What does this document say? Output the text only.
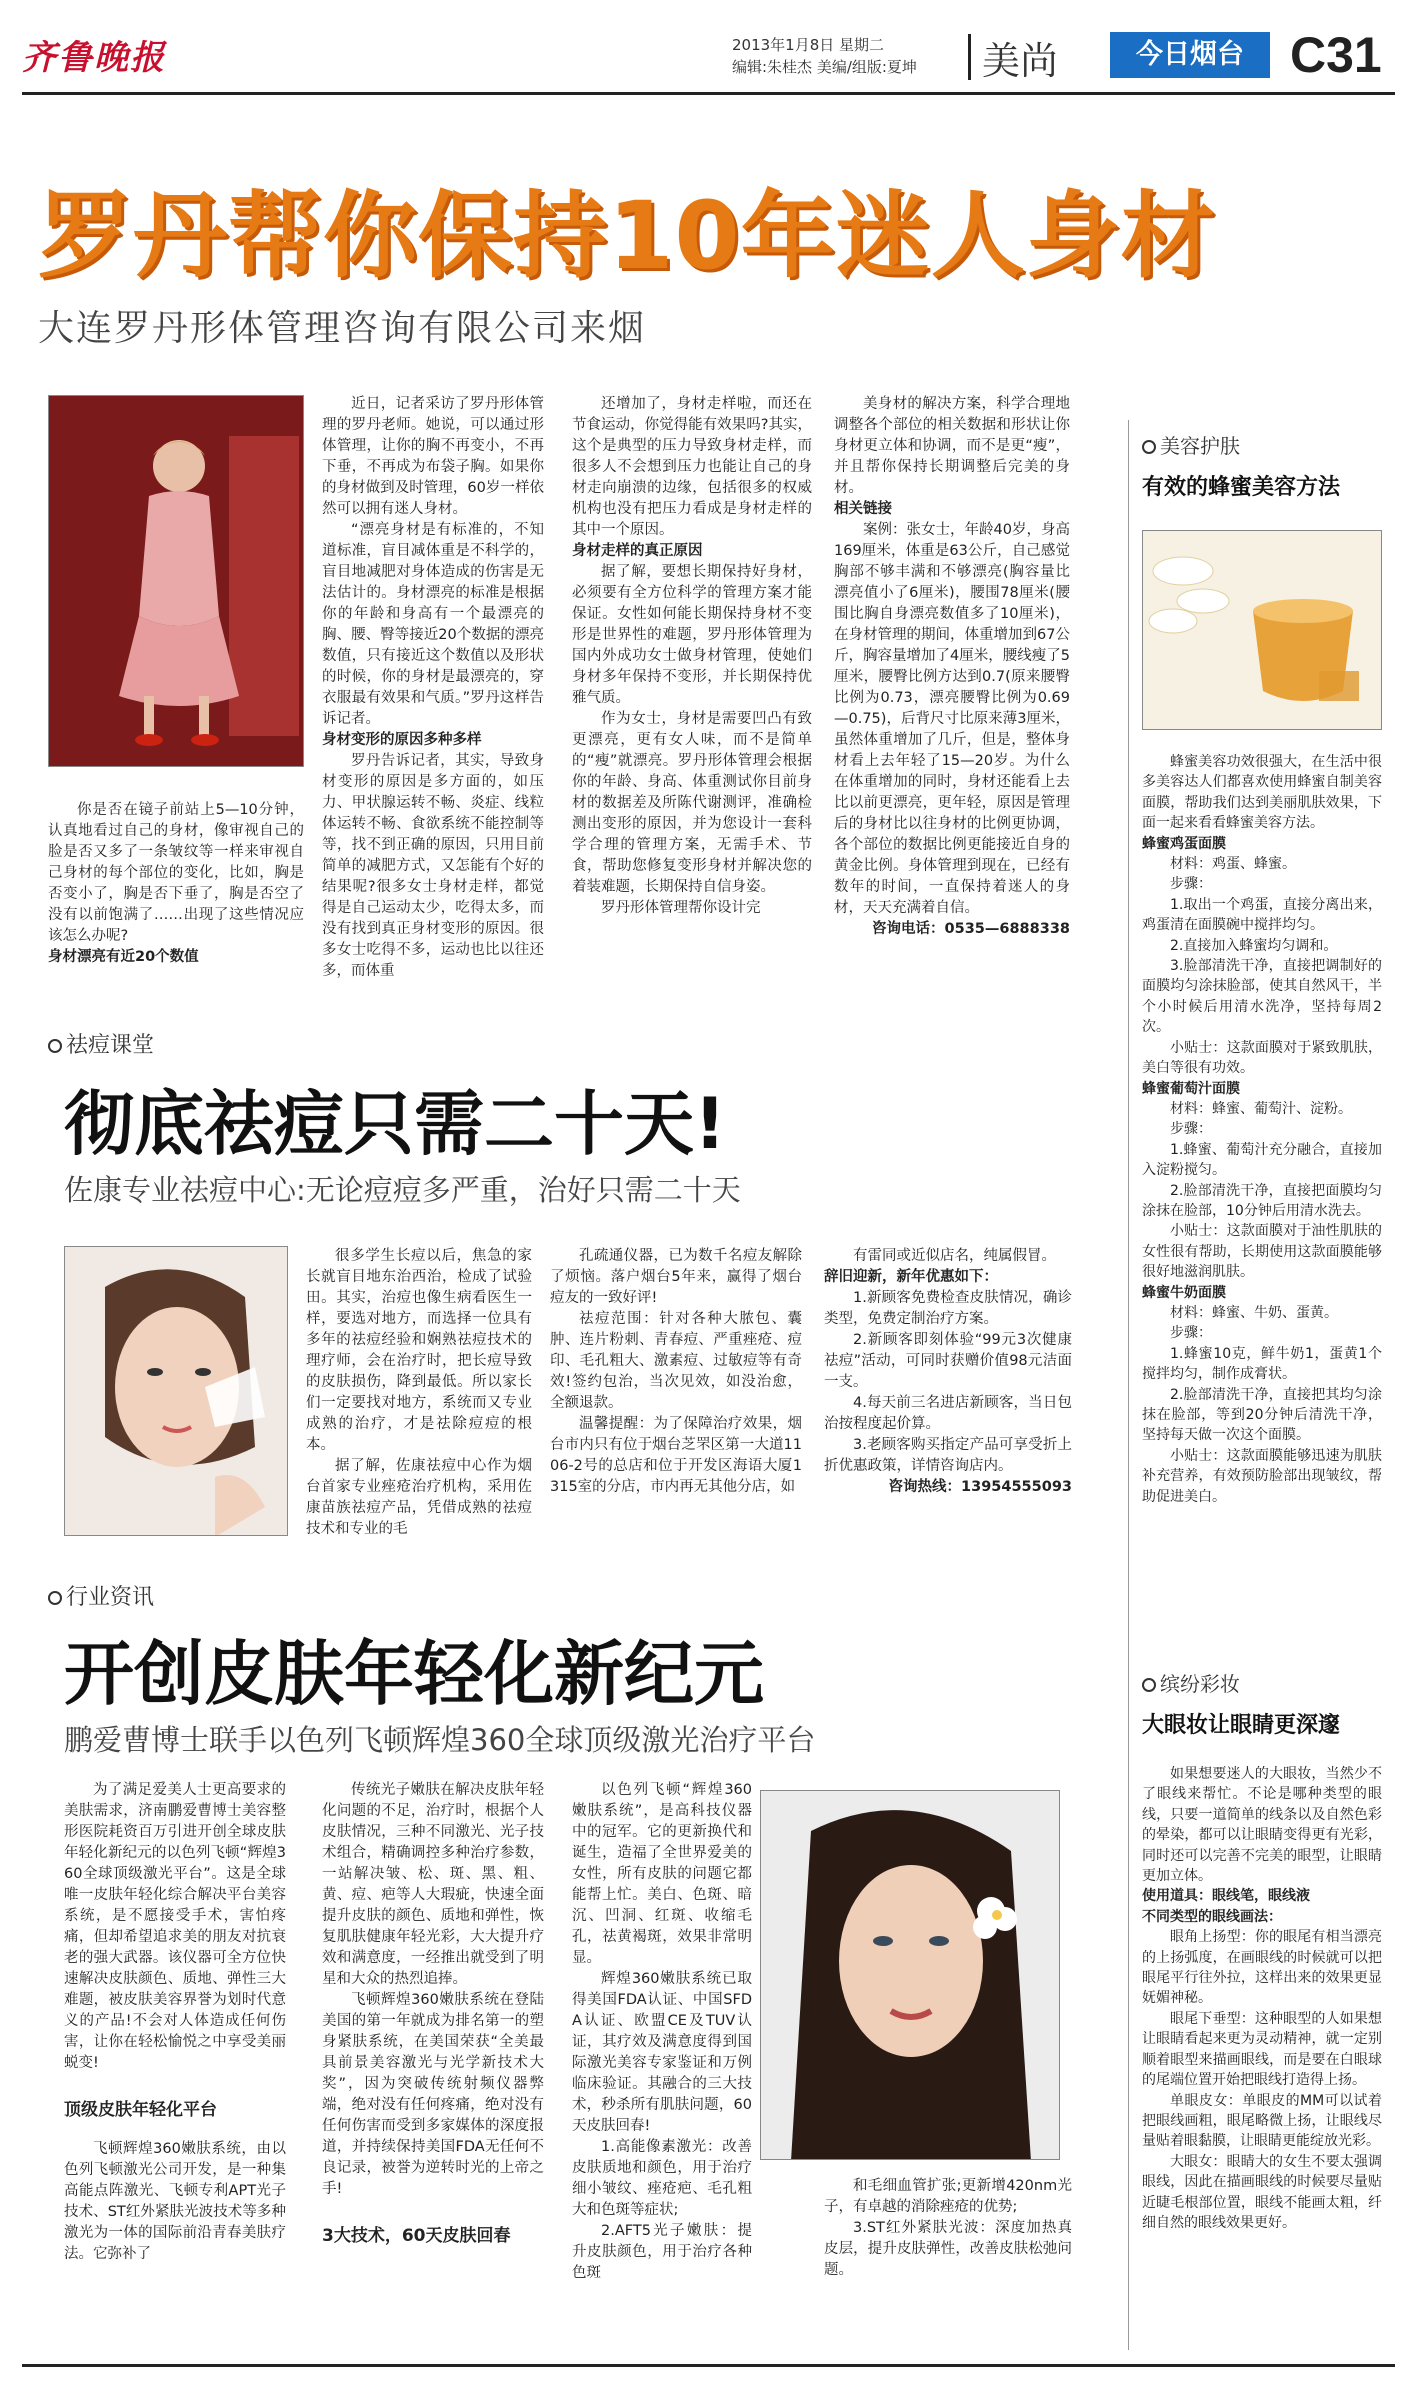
齐鲁晚报	2013年1月8日 星期二
编辑:朱桂杰 美编/组版:夏坤 美尚	今日烟台 C31
罗丹帮你保持10年迷人身材
大连罗丹形体管理咨询有限公司来烟

你是否在镜子前站上5—10分钟，认真地看过自己的身材，像审视自己的脸是否又多了一条皱纹等一样来审视自己身材的每个部位的变化，比如，胸是否变小了，胸是否下垂了，胸是否空了没有以前饱满了……出现了这些情况应该怎么办呢?

身材漂亮有近20个数值

近日，记者采访了罗丹形体管理的罗丹老师。她说，可以通过形体管理，让你的胸不再变小，不再下垂，不再成为布袋子胸。如果你的身材做到及时管理，60岁一样依然可以拥有迷人身材。

“漂亮身材是有标准的，不知道标准，盲目减体重是不科学的，盲目地减肥对身体造成的伤害是无法估计的。身材漂亮的标准是根据你的年龄和身高有一个最漂亮的胸、腰、臀等接近20个数据的漂亮数值，只有接近这个数值以及形状的时候，你的身材是最漂亮的，穿衣服最有效果和气质。”罗丹这样告诉记者。

身材变形的原因多种多样

罗丹告诉记者，其实，导致身材变形的原因是多方面的，如压力、甲状腺运转不畅、炎症、线粒体运转不畅、食欲系统不能控制等等，找不到正确的原因，只用目前简单的减肥方式，又怎能有个好的结果呢?很多女士身材走样，都觉得是自己运动太少，吃得太多，而没有找到真正身材变形的原因。很多女士吃得不多，运动也比以往还多，而体重

还增加了，身材走样啦，而还在节食运动，你觉得能有效果吗?其实，这个是典型的压力导致身材走样，而很多人不会想到压力也能让自己的身材走向崩溃的边缘，包括很多的权威机构也没有把压力看成是身材走样的其中一个原因。

身材走样的真正原因

据了解，要想长期保持好身材，必须要有全方位科学的管理方案才能保证。女性如何能长期保持身材不变形是世界性的难题，罗丹形体管理为国内外成功女士做身材管理，使她们身材多年保持不变形，并长期保持优雅气质。

作为女士，身材是需要凹凸有致更漂亮，更有女人味，而不是简单的“瘦”就漂亮。罗丹形体管理会根据你的年龄、身高、体重测试你目前身材的数据差及所陈代谢测评，准确检测出变形的原因，并为您设计一套科学合理的管理方案，无需手术、节食，帮助您修复变形身材并解决您的着装难题，长期保持自信身姿。

罗丹形体管理帮你设计完

美身材的解决方案，科学合理地调整各个部位的相关数据和形状让你身材更立体和协调，而不是更“瘦”，并且帮你保持长期调整后完美的身材。

相关链接

案例：张女士，年龄40岁，身高169厘米，体重是63公斤，自己感觉胸部不够丰满和不够漂亮(胸容量比漂亮值小了6厘米)，腰围78厘米(腰围比胸自身漂亮数值多了10厘米)，在身材管理的期间，体重增加到67公斤，胸容量增加了4厘米，腰线瘦了5厘米，腰臀比例方达到0.7(原来腰臀比例为0.73，漂亮腰臀比例为0.69—0.75)，后背尺寸比原来薄3厘米，虽然体重增加了几斤，但是，整体身材看上去年轻了15—20岁。为什么在体重增加的同时，身材还能看上去比以前更漂亮，更年轻，原因是管理后的身材比以往身材的比例更协调，各个部位的数据比例更能接近自身的黄金比例。身体管理到现在，已经有数年的时间，一直保持着迷人的身材，天天充满着自信。

咨询电话：0535—6888338

祛痘课堂
彻底祛痘只需二十天!
佐康专业祛痘中心:无论痘痘多严重，治好只需二十天

很多学生长痘以后，焦急的家长就盲目地东治西治，检成了试验田。其实，治痘也像生病看医生一样，要选对地方，而选择一位具有多年的祛痘经验和娴熟祛痘技术的理疗师，会在治疗时，把长痘导致的皮肤损伤，降到最低。所以家长们一定要找对地方，系统而又专业成熟的治疗，才是祛除痘痘的根本。

据了解，佐康祛痘中心作为烟台首家专业痤疮治疗机构，采用佐康苗族祛痘产品，凭借成熟的祛痘技术和专业的毛

孔疏通仪器，已为数千名痘友解除了烦恼。落户烟台5年来，赢得了烟台痘友的一致好评!

祛痘范围：针对各种大脓包、囊肿、连片粉刺、青春痘、严重痤疮、痘印、毛孔粗大、激素痘、过敏痘等有奇效!签约包治，当次见效，如没治愈，全额退款。

温馨提醒：为了保障治疗效果，烟台市内只有位于烟台芝罘区第一大道1106-2号的总店和位于开发区海语大厦1315室的分店，市内再无其他分店，如

有雷同或近似店名，纯属假冒。

辞旧迎新，新年优惠如下：

1.新顾客免费检查皮肤情况，确诊类型，免费定制治疗方案。

2.新顾客即刻体验“99元3次健康祛痘”活动，可同时获赠价值98元洁面一支。

4.每天前三名进店新顾客，当日包治按程度起价算。

3.老顾客购买指定产品可享受折上折优惠政策，详情咨询店内。

咨询热线：13954555093

行业资讯
开创皮肤年轻化新纪元
鹏爱曹博士联手以色列飞顿辉煌360全球顶级激光治疗平台

为了满足爱美人士更高要求的美肤需求，济南鹏爱曹博士美容整形医院耗资百万引进开创全球皮肤年轻化新纪元的以色列飞顿“辉煌360全球顶级激光平台”。这是全球唯一皮肤年轻化综合解决平台美容系统，是不愿接受手术，害怕疼痛，但却希望追求美的朋友对抗衰老的强大武器。该仪器可全方位快速解决皮肤颜色、质地、弹性三大难题，被皮肤美容界誉为划时代意义的产品!不会对人体造成任何伤害，让你在轻松愉悦之中享受美丽蜕变!

顶级皮肤年轻化平台

飞顿辉煌360嫩肤系统，由以色列飞顿激光公司开发，是一种集高能点阵激光、飞顿专利APT光子技术、ST红外紧肤光波技术等多种激光为一体的国际前沿青春美肤疗法。它弥补了

传统光子嫩肤在解决皮肤年轻化问题的不足，治疗时，根据个人皮肤情况，三种不同激光、光子技术组合，精确调控多种治疗参数，一站解决皱、松、斑、黑、粗、黄、痘、疤等人大瑕疵，快速全面提升皮肤的颜色、质地和弹性，恢复肌肤健康年轻光彩，大大提升疗效和满意度，一经推出就受到了明星和大众的热烈追捧。

飞顿辉煌360嫩肤系统在登陆美国的第一年就成为排名第一的塑身紧肤系统，在美国荣获“全美最具前景美容激光与光学新技术大奖”，因为突破传统射频仪器弊端，绝对没有任何疼痛，绝对没有任何伤害而受到多家媒体的深度报道，并持续保持美国FDA无任何不良记录，被誉为逆转时光的上帝之手!

3大技术，60天皮肤回春

以色列飞顿“辉煌360嫩肤系统”，是高科技仪器中的冠军。它的更新换代和诞生，造福了全世界爱美的女性，所有皮肤的问题它都能帮上忙。美白、色斑、暗沉、凹洞、红斑、收缩毛孔，祛黄褐斑，效果非常明显。

辉煌360嫩肤系统已取得美国FDA认证、中国SFDA认证、欧盟CE及TUV认证，其疗效及满意度得到国际激光美容专家鉴证和万例临床验证。其融合的三大技术，秒杀所有肌肤问题，60天皮肤回春!

1.高能像素激光：改善皮肤质地和颜色，用于治疗细小皱纹、痤疮疤、毛孔粗大和色斑等症状;

2.AFT5光子嫩肤：提升皮肤颜色，用于治疗各种色斑

和毛细血管扩张;更新增420nm光子，有卓越的消除痤疮的优势;

3.ST红外紧肤光波：深度加热真皮层，提升皮肤弹性，改善皮肤松弛问题。

美容护肤
有效的蜂蜜美容方法

蜂蜜美容功效很强大，在生活中很多美容达人们都喜欢使用蜂蜜自制美容面膜，帮助我们达到美丽肌肤效果，下面一起来看看蜂蜜美容方法。

蜂蜜鸡蛋面膜

材料：鸡蛋、蜂蜜。

步骤：

1.取出一个鸡蛋，直接分离出来，鸡蛋清在面膜碗中搅拌均匀。

2.直接加入蜂蜜均匀调和。

3.脸部清洗干净，直接把调制好的面膜均匀涂抹脸部，使其自然风干，半个小时候后用清水洗净，坚持每周2次。

小贴士：这款面膜对于紧致肌肤，美白等很有功效。

蜂蜜葡萄汁面膜

材料：蜂蜜、葡萄汁、淀粉。

步骤：

1.蜂蜜、葡萄汁充分融合，直接加入淀粉搅匀。

2.脸部清洗干净，直接把面膜均匀涂抹在脸部，10分钟后用清水洗去。

小贴士：这款面膜对于油性肌肤的女性很有帮助，长期使用这款面膜能够很好地滋润肌肤。

蜂蜜牛奶面膜

材料：蜂蜜、牛奶、蛋黄。

步骤：

1.蜂蜜10克，鲜牛奶1，蛋黄1个搅拌均匀，制作成膏状。

2.脸部清洗干净，直接把其均匀涂抹在脸部，等到20分钟后清洗干净，坚持每天做一次这个面膜。

小贴士：这款面膜能够迅速为肌肤补充营养，有效预防脸部出现皱纹，帮助促进美白。

缤纷彩妆
大眼妆让眼睛更深邃

如果想要迷人的大眼妆，当然少不了眼线来帮忙。不论是哪种类型的眼线，只要一道简单的线条以及自然色彩的晕染，都可以让眼睛变得更有光彩，同时还可以完善不完美的眼型，让眼睛更加立体。

使用道具：眼线笔，眼线液

不同类型的眼线画法：

眼角上扬型：你的眼尾有相当漂亮的上扬弧度，在画眼线的时候就可以把眼尾平行往外拉，这样出来的效果更显妩媚神秘。

眼尾下垂型：这种眼型的人如果想让眼睛看起来更为灵动精神，就一定别顺着眼型来描画眼线，而是要在白眼球的尾端位置开始把眼线打造得上扬。

单眼皮女：单眼皮的MM可以试着把眼线画粗，眼尾略微上扬，让眼线尽量贴着眼黏膜，让眼睛更能绽放光彩。

大眼女：眼睛大的女生不要太强调眼线，因此在描画眼线的时候要尽量贴近睫毛根部位置，眼线不能画太粗，纤细自然的眼线效果更好。
